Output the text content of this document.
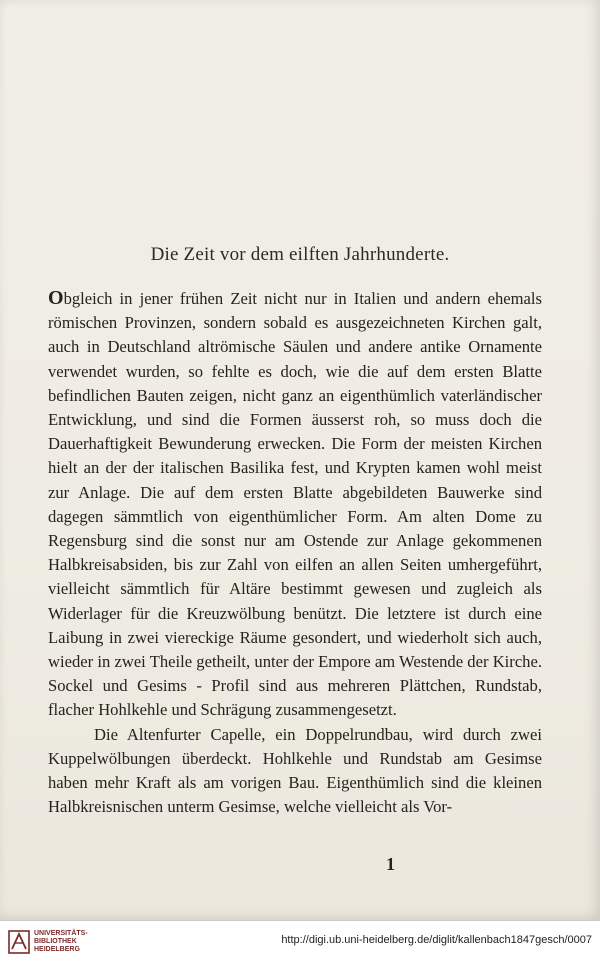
Die Zeit vor dem eilften Jahrhunderte.

Obgleich in jener frühen Zeit nicht nur in Italien und andern ehemals römischen Provinzen, sondern sobald es ausgezeichneten Kirchen galt, auch in Deutschland altrömische Säulen und andere antike Ornamente verwendet wurden, so fehlte es doch, wie die auf dem ersten Blatte befindlichen Bauten zeigen, nicht ganz an eigenthümlich vaterländischer Entwicklung, und sind die Formen äusserst roh, so muss doch die Dauerhaftigkeit Bewunderung erwecken. Die Form der meisten Kirchen hielt an der der italischen Basilika fest, und Krypten kamen wohl meist zur Anlage. Die auf dem ersten Blatte abgebildeten Bauwerke sind dagegen sämmtlich von eigenthümlicher Form. Am alten Dome zu Regensburg sind die sonst nur am Ostende zur Anlage gekommenen Halbkreisabsiden, bis zur Zahl von eilfen an allen Seiten umhergeführt, vielleicht sämmtlich für Altäre bestimmt gewesen und zugleich als Widerlager für die Kreuzwölbung benützt. Die letztere ist durch eine Laibung in zwei viereckige Räume gesondert, und wiederholt sich auch, wieder in zwei Theile getheilt, unter der Empore am Westende der Kirche. Sockel und Gesims - Profil sind aus mehreren Plättchen, Rundstab, flacher Hohlkehle und Schrägung zusammengesetzt.

Die Altenfurter Capelle, ein Doppelrundbau, wird durch zwei Kuppelwölbungen überdeckt. Hohlkehle und Rundstab am Gesimse haben mehr Kraft als am vorigen Bau. Eigenthümlich sind die kleinen Halbkreisnischen unterm Gesimse, welche vielleicht als Vor-

1
UNIVERSITÄTS-
BIBLIOTHEK
HEIDELBERG
http://digi.ub.uni-heidelberg.de/diglit/kallenbach1847gesch/0007
